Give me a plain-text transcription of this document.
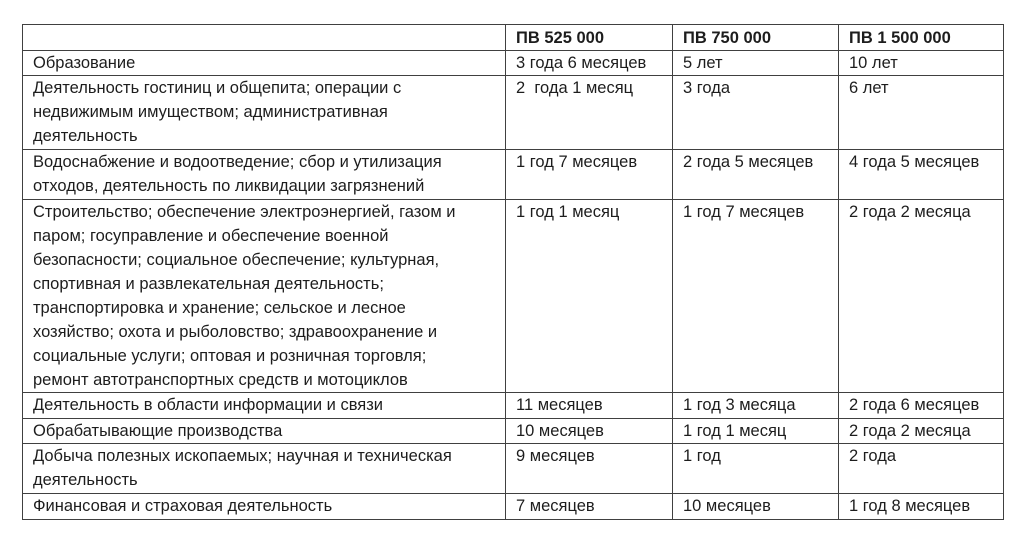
	ПВ 525 000	ПВ 750 000	ПВ 1 500 000
Образование	3 года 6 месяцев	5 лет	10 лет
Деятельность гостиниц и общепита; операции с
недвижимым имуществом; административная
деятельность	2  года 1 месяц	3 года	6 лет
Водоснабжение и водоотведение; сбор и утилизация
отходов, деятельность по ликвидации загрязнений	1 год 7 месяцев	2 года 5 месяцев	4 года 5 месяцев
Строительство; обеспечение электроэнергией, газом и
паром; госуправление и обеспечение военной
безопасности; социальное обеспечение; культурная,
спортивная и развлекательная деятельность;
транспортировка и хранение; сельское и лесное
хозяйство; охота и рыболовство; здравоохранение и
социальные услуги; оптовая и розничная торговля;
ремонт автотранспортных средств и мотоциклов	1 год 1 месяц	1 год 7 месяцев	2 года 2 месяца
Деятельность в области информации и связи	11 месяцев	1 год 3 месяца	2 года 6 месяцев
Обрабатывающие производства	10 месяцев	1 год 1 месяц	2 года 2 месяца
Добыча полезных ископаемых; научная и техническая
деятельность	9 месяцев	1 год	2 года
Финансовая и страховая деятельность	7 месяцев	10 месяцев	1 год 8 месяцев
